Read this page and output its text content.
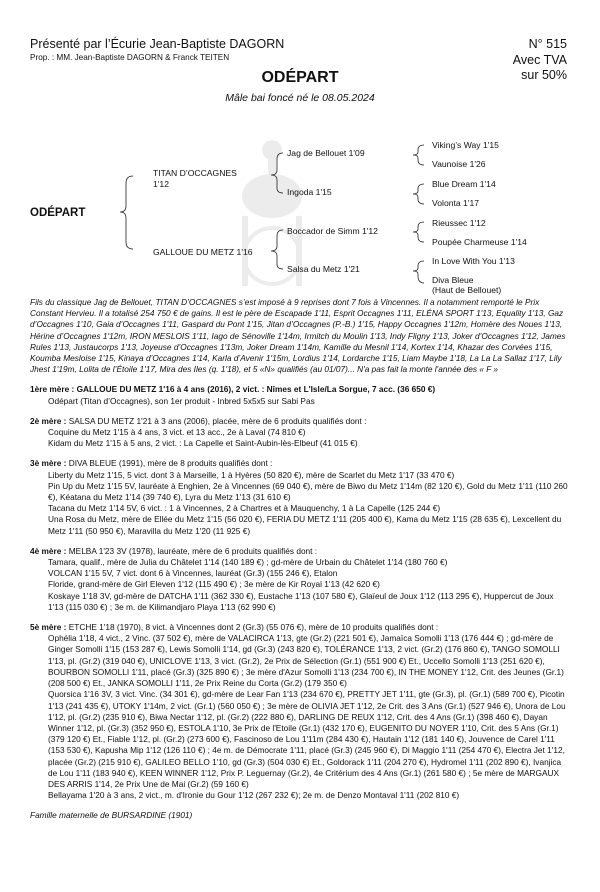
Présenté par l’Écurie Jean-Baptiste DAGORN
Prop. : MM. Jean-Baptiste DAGORN & Franck TEITEN
N° 515
Avec TVA
sur 50%
ODÉPART
Mâle bai foncé né le 08.05.2024
ODÉPART
TITAN D’OCCAGNES
1'12
GALLOUE DU METZ 1'16
Jag de Bellouet 1'09
Ingoda 1'15
Boccador de Simm 1'12
Salsa du Metz 1'21
Viking’s Way 1'15
Vaunoise 1'26
Blue Dream 1'14
Volonta 1'17
Rieussec 1'12
Poupée Charmeuse 1'14
In Love With You 1'13
Diva Bleue
(Haut de Bellouet)

Fils du classique Jag de Bellouet, TITAN D’OCCAGNES s’est imposé à 9 reprises dont 7 fois à Vincennes. Il a notamment remporté le Prix Constant Hervieu. Il a totalisé 254 750 € de gains. Il est le père de Escapade 1'11, Esprit Occagnes 1'11, ELÉNA SPORT 1'13, Equality 1'13, Gaz d’Occagnes 1'10, Gaia d’Occagnes 1'11, Gaspard du Pont 1'15, Jitan d’Occagnes (P.-B.) 1'15, Happy Occagnes 1'12m, Homère des Noues 1'13, Hérine d’Occagnes 1'12m, IRON MESLOIS 1'11, Iago de Sénoville 1'14m, Irmitch du Moulin 1'13, Indy Fligny 1'13, Joker d’Occagnes 1'12, James Rules 1'13, Justaucorps 1'13, Joyeuse d’Occagnes 1'13m, Joker Dream 1'14m, Kamille du Mesnil 1'14, Kortex 1'14, Khazar des Corvées 1'15, Koumba Mesloise 1'15, Kinaya d’Occagnes 1'14, Karla d’Avenir 1'15m, Lordius 1'14, Lordarche 1'15, Liam Maybe 1'18, La La La Sallaz 1'17, Lily Jhest 1'19m, Lolita de l’Étoile 1'17, Mira des Iles (q. 1'18), et 5 «N» qualifiés (au 01/07)... N'a pas fait la monte l'année des « F »

1ère mère : GALLOUE DU METZ 1'16 à 4 ans (2016), 2 vict. : Nîmes et L'Isle/La Sorgue, 7 acc. (36 650 €)

Odépart (Titan d’Occagnes), son 1er produit - Inbred 5x5x5 sur Sabi Pas

2è mère : SALSA DU METZ 1'21 à 3 ans (2006), placée, mère de 6 produits qualifiés dont :

Coquine du Metz 1'15 à 4 ans, 3 vict. et 13 acc., 2e à Laval (74 810 €)

Kidam du Metz 1'15 à 5 ans, 2 vict. : La Capelle et Saint-Aubin-lès-Elbeuf (41 015 €)

3è mère : DIVA BLEUE (1991), mère de 8 produits qualifiés dont :

Liberty du Metz 1'15, 5 vict. dont 3 à Marseille, 1 à Hyères (50 820 €), mère de Scarlet du Metz 1'17 (33 470 €)

Pin Up du Metz 1'15 5V, lauréate à Enghien, 2e à Vincennes (69 040 €), mère de Biwo du Metz 1'14m (82 120 €), Gold du Metz 1'11 (110 260 €), Kéatana du Metz 1'14 (39 740 €), Lyra du Metz 1'13 (31 610 €)

Tacana du Metz 1'14 5V, 6 vict. : 1 à Vincennes, 2 à Chartres et à Mauquenchy, 1 à La Capelle (125 244 €)

Una Rosa du Metz, mère de Ellée du Metz 1'15 (56 020 €), FERIA DU METZ 1'11 (205 400 €), Kama du Metz 1'15 (28 635 €), Lexcellent du Metz 1'11 (50 950 €), Maravilla du Metz 1'20 (11 925 €)

4è mère : MELBA 1'23 3V (1978), lauréate, mère de 6 produits qualifiés dont :

Tamara, qualif., mère de Julia du Châtelet 1'14 (140 189 €) ; gd-mère de Urbain du Châtelet 1'14 (180 760 €)

VOLCAN 1'15 5V, 7 vict. dont 6 à Vincennes, lauréat (Gr.3) (155 246 €), Etalon

Floride, grand-mère de Girl Eleven 1'12 (115 490 €) ; 3e mère de Kir Royal 1'13 (42 620 €)

Koskaye 1'18 3V, gd-mère de DATCHA 1'11 (362 330 €), Eustache 1'13 (107 580 €), Glaïeul de Joux 1'12 (113 295 €), Huppercut de Joux 1'13 (115 030 €) ; 3e m. de Kilimandjaro Playa 1'13 (62 990 €)

5è mère : ETCHE 1'18 (1970), 8 vict. à Vincennes dont 2 (Gr.3) (55 076 €), mère de 10 produits qualifiés dont :

Ophélia 1'18, 4 vict., 2 Vinc. (37 502 €), mère de VALACIRCA 1'13, gte (Gr.2) (221 501 €), Jamaïca Somolli 1'13 (176 444 €) ; gd-mère de Ginger Somolli 1'15 (153 287 €), Lewis Somolli 1'14, gd (Gr.3) (243 820 €), TOLÉRANCE 1'13, 2 vict. (Gr.2) (176 860 €), TANGO SOMOLLI 1'13, pl. (Gr.2) (319 040 €), UNICLOVE 1'13, 3 vict. (Gr.2), 2e Prix de Sélection (Gr.1) (551 900 €) Et., Uccello Somolli 1'13 (251 620 €), BOURBON SOMOLLI 1'11, placé (Gr.3) (325 890 €) ; 3e mère d'Azur Somolli 1'13 (234 700 €), IN THE MONEY 1'12, Crit. des Jeunes (Gr.1) (208 500 €) Et., JANKA SOMOLLI 1'11, 2e Prix Reine du Corta (Gr.2) (179 350 €)

Quorsica 1'16 3V, 3 vict. Vinc. (34 301 €), gd-mère de Lear Fan 1'13 (234 670 €), PRETTY JET 1'11, gte (Gr.3), pl. (Gr.1) (589 700 €), Picotin 1'13 (241 435 €), UTOKY 1'14m, 2 vict. (Gr.1) (560 050 €) ; 3e mère de OLIVIA JET 1'12, 2e Crit. des 3 Ans (Gr.1) (527 946 €), Unora de Lou 1'12, pl. (Gr.2) (235 910 €), Biwa Nectar 1'12, pl. (Gr.2) (222 880 €), DARLING DE REUX 1'12, Crit. des 4 Ans (Gr.1) (398 460 €), Dayan Winner 1'12, pl. (Gr.3) (352 950 €), ESTOLA 1'10, 3e Prix de l'Etoile (Gr.1) (432 170 €), EUGENITO DU NOYER 1'10, Crit. des 5 Ans (Gr.1) (379 120 €) Et., Fiable 1'12, pl. (Gr.2) (273 600 €), Fascinoso de Lou 1'11m (284 430 €), Hautain 1'12 (181 140 €), Jouvence de Carel 1'11 (153 530 €), Kapusha Mip 1'12 (126 110 €) ; 4e m. de Démocrate 1'11, placé (Gr.3) (245 960 €), Di Maggio 1'11 (254 470 €), Electra Jet 1'12, placée (Gr.2) (215 910 €), GALILEO BELLO 1'10, gd (Gr.3) (504 030 €) Et., Goldorack 1'11 (204 270 €), Hydromel 1'11 (202 890 €), Ivanjica de Lou 1'11 (183 940 €), KEEN WINNER 1'12, Prix P. Leguernay (Gr.2), 4e Critérium des 4 Ans (Gr.1) (261 580 €) ; 5e mère de MARGAUX DES ARRIS 1'14, 2e Prix Une de Mai (Gr.2) (59 160 €)

Bellayama 1'20 à 3 ans, 2 vict., m. d'Ironie du Gour 1'12 (267 232 €); 2e m. de Denzo Montaval 1'11 (202 810 €)

Famille maternelle de BURSARDINE (1901)
